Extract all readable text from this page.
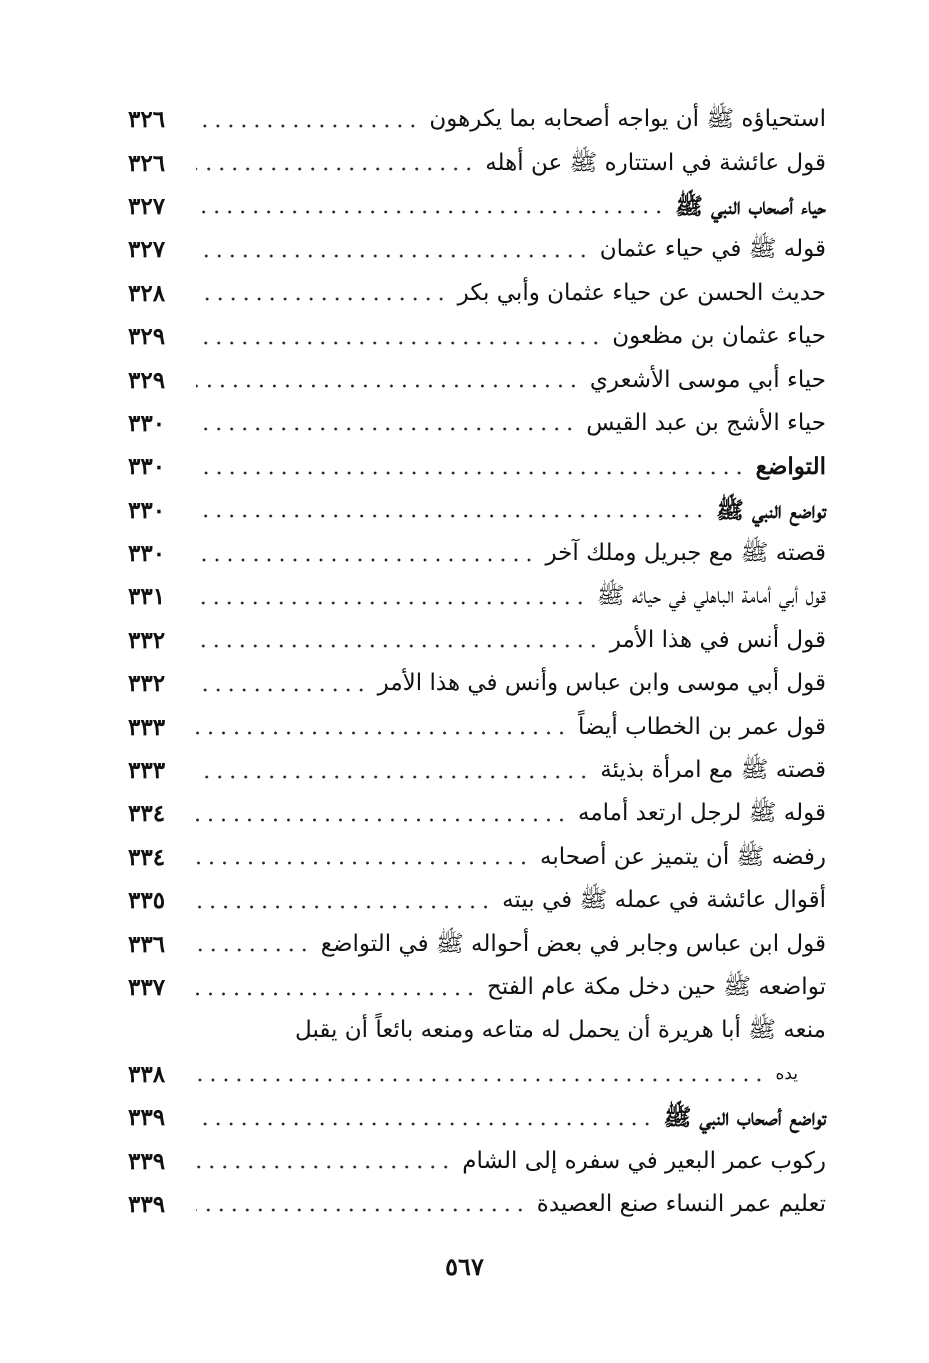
استحياؤه ﷺ أن يواجه أصحابه بما يكرهون
٣٢٦
قول عائشة في استتاره ﷺ عن أهله
٣٢٦
حياء أصحاب النبي ﷺ
٣٢٧
قوله ﷺ في حياء عثمان
٣٢٧
حديث الحسن عن حياء عثمان وأبي بكر
٣٢٨
حياء عثمان بن مظعون
٣٢٩
حياء أبي موسى الأشعري
٣٢٩
حياء الأشج بن عبد القيس
٣٣٠
التواضع
٣٣٠
تواضع النبي ﷺ
٣٣٠
قصته ﷺ مع جبريل وملك آخر
٣٣٠
قول أبي أمامة الباهلي في حيائه ﷺ
٣٣١
قول أنس في هذا الأمر
٣٣٢
قول أبي موسى وابن عباس وأنس في هذا الأمر
٣٣٢
قول عمر بن الخطاب أيضاً
٣٣٣
قصته ﷺ مع امرأة بذيئة
٣٣٣
قوله ﷺ لرجل ارتعد أمامه
٣٣٤
رفضه ﷺ أن يتميز عن أصحابه
٣٣٤
أقوال عائشة في عمله ﷺ في بيته
٣٣٥
قول ابن عباس وجابر في بعض أحواله ﷺ في التواضع
٣٣٦
تواضعه ﷺ حين دخل مكة عام الفتح
٣٣٧
منعه ﷺ أبا هريرة أن يحمل له متاعه ومنعه بائعاً أن يقبل
يده
٣٣٨
تواضع أصحاب النبي ﷺ
٣٣٩
ركوب عمر البعير في سفره إلى الشام
٣٣٩
تعليم عمر النساء صنع العصيدة
٣٣٩
٥٦٧
